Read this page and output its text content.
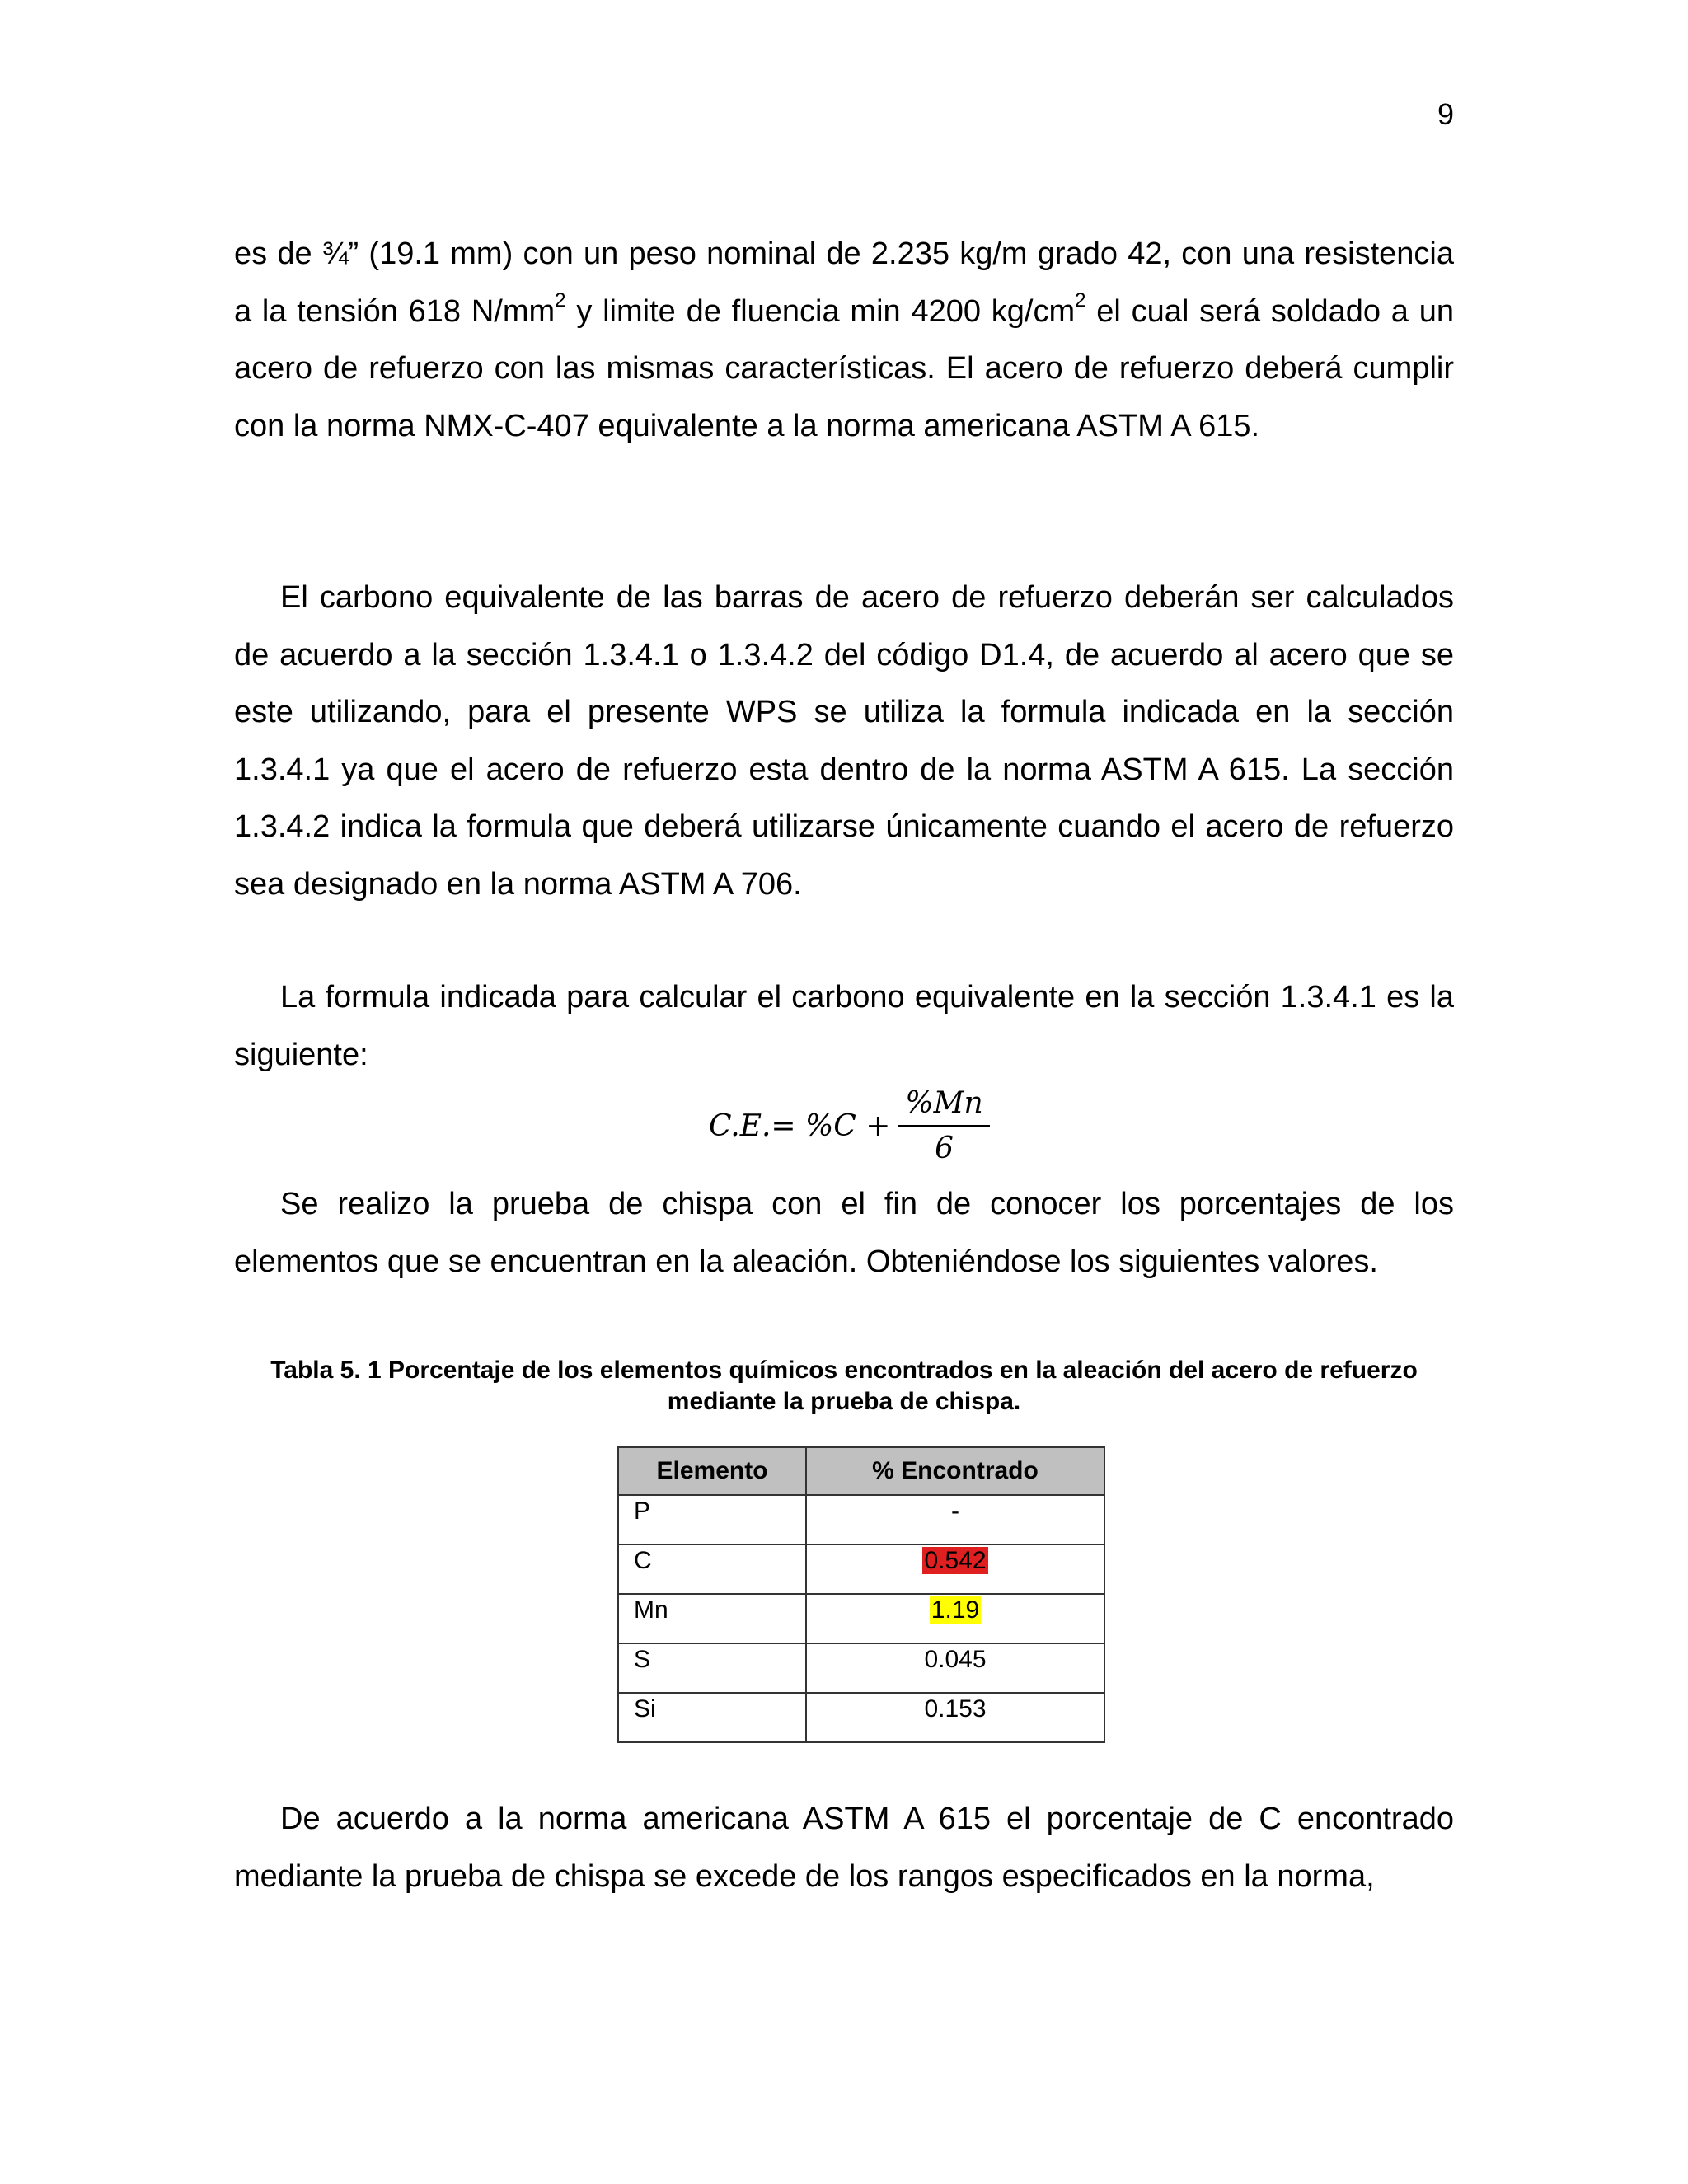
9

es de ¾” (19.1 mm) con un peso nominal de 2.235 kg/m grado 42, con una resistencia a la tensión 618 $N/mm^2$ y limite de fluencia min 4200 $kg/cm^2$ el cual será soldado a un acero de refuerzo con las mismas características. El acero de refuerzo deberá cumplir con la norma NMX-C-407 equivalente a la norma americana ASTM A 615.

El carbono equivalente de las barras de acero de refuerzo deberán ser calculados de acuerdo a la sección 1.3.4.1 o 1.3.4.2 del código D1.4, de acuerdo al acero que se este utilizando, para el presente WPS se utiliza la formula indicada en la sección 1.3.4.1 ya que el acero de refuerzo esta dentro de la norma ASTM A 615. La sección 1.3.4.2 indica la formula que deberá utilizarse únicamente cuando el acero de refuerzo sea designado en la norma ASTM A 706.

La formula indicada para calcular el carbono equivalente en la sección 1.3.4.1 es la siguiente:

$C.E.= \%C + \frac{\%Mn}{6}$

Se realizo la prueba de chispa con el fin de conocer los porcentajes de los elementos que se encuentran en la aleación. Obteniéndose los siguientes valores.

Tabla 5. 1 Porcentaje de los elementos químicos encontrados en la aleación del acero de refuerzo mediante la prueba de chispa.
Elemento	% Encontrado
P	-
C	0.542
Mn	1.19
S	0.045
Si	0.153

De acuerdo a la norma americana ASTM A 615 el porcentaje de C encontrado mediante la prueba de chispa se excede de los rangos especificados en la norma,
